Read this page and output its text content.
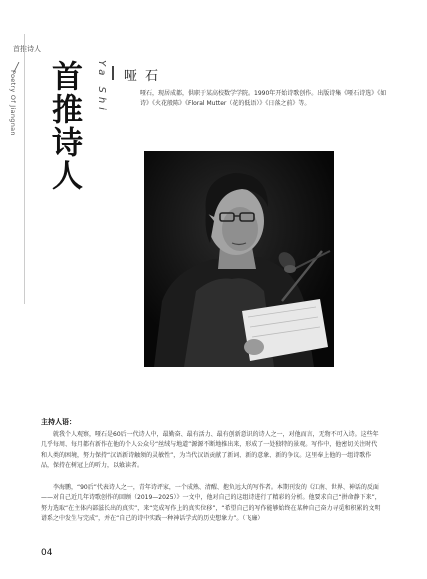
首推诗人
Poetry Of Jiangnan 首推诗人 Ya Shi 哑石
哑石，现居成都，供职于某高校数学学院。1990年开始诗歌创作。出版诗集《哑石诗选》《如诗》《火花般陈》《Floral Mutter（花的低语）》《日落之前》等。
主持人语：
就我个人观察，哑石是60后一代诗人中，最勤奋、最有活力、最有创新意识的诗人之一，对他而言，无物不可入诗。这些年几乎每周、每月都有新作在他的个人公众号“丝绒与地道”源源不断地推出来，形成了一处独特的景观。写作中，他密切关注时代和人类的困境，努力保持“汉语新诗触须的灵敏性”，为当代汉语贡献了新词、新的意象、新的争议。这里奉上他的一组诗歌作品，保持在树冠上的听力，以飨读者。
李海鹏，“90后”代表诗人之一，青年诗评家，一个成熟、清醒、抱负远大的写作者。本期刊发的《江南、世界、神话的反面——对自己近几年诗歌创作的回顾（2019—2025）》一文中，他对自己的这组诗进行了精彩的分析。他要求自己“拼命静下来”，努力选取“在主体内部滋长出的真实”，来“完成写作上的真实位移”，“希望自己的写作能够始终在某种自己奋力寻觅和积累的文明谱系之中发生与完成”，并在“自己的诗中实践一种神话学式的历史想象力”。（飞廉）
04
